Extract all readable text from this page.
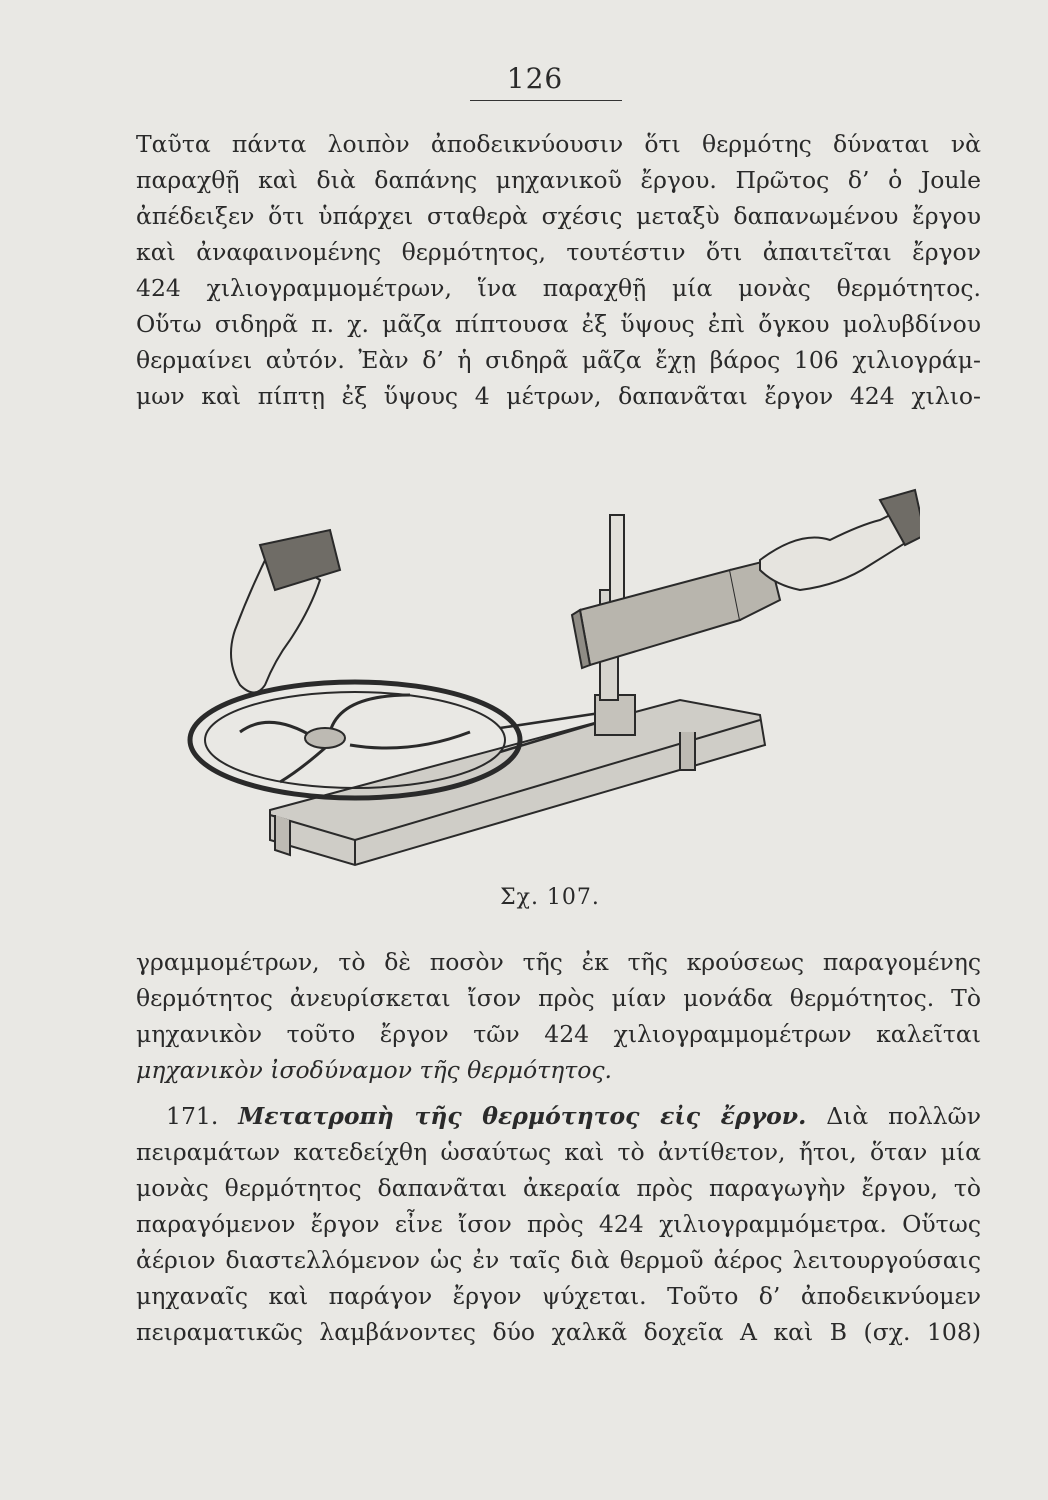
126
Ταῦτα πάντα λοιπὸν ἀποδεικνύουσιν ὅτι θερμότης δύναται νὰ
παραχθῇ καὶ διὰ δαπάνης μηχανικοῦ ἔργου. Πρῶτος δ’ ὁ Joule
ἀπέδειξεν ὅτι ὑπάρχει σταθερὰ σχέσις μεταξὺ δαπανωμένου ἔργου
καὶ ἀναφαινομένης θερμότητος, τουτέστιν ὅτι ἀπαιτεῖται ἔργον
424 χιλιογραμμομέτρων, ἵνα παραχθῇ μία μονὰς θερμότητος.
Οὕτω σιδηρᾶ π. χ. μᾶζα πίπτουσα ἐξ ὕψους ἐπὶ ὄγκου μολυβδίνου
θερμαίνει αὐτόν. Ἐὰν δ’ ἡ σιδηρᾶ μᾶζα ἔχῃ βάρος 106 χιλιογράμ-
μων καὶ πίπτῃ ἐξ ὕψους 4 μέτρων, δαπανᾶται ἔργον 424 χιλιο-
Σχ. 107.
γραμμομέτρων, τὸ δὲ ποσὸν τῆς ἐκ τῆς κρούσεως παραγομένης
θερμότητος ἀνευρίσκεται ἴσον πρὸς μίαν μονάδα θερμότητος. Τὸ
μηχανικὸν τοῦτο ἔργον τῶν 424 χιλιογραμμομέτρων καλεῖται
μηχανικὸν ἰσοδύναμον τῆς θερμότητος.
171. Μετατροπὴ τῆς θερμότητος εἰς ἔργον. Διὰ πολλῶν
πειραμάτων κατεδείχθη ὡσαύτως καὶ τὸ ἀντίθετον, ἤτοι, ὅταν μία
μονὰς θερμότητος δαπανᾶται ἀκεραία πρὸς παραγωγὴν ἔργου, τὸ
παραγόμενον ἔργον εἶνε ἴσον πρὸς 424 χιλιογραμμόμετρα. Οὕτως
ἀέριον διαστελλόμενον ὡς ἐν ταῖς διὰ θερμοῦ ἀέρος λειτουργούσαις
μηχαναῖς καὶ παράγον ἔργον ψύχεται. Τοῦτο δ’ ἀποδεικνύομεν
πειραματικῶς λαμβάνοντες δύο χαλκᾶ δοχεῖα Α καὶ Β (σχ. 108)
